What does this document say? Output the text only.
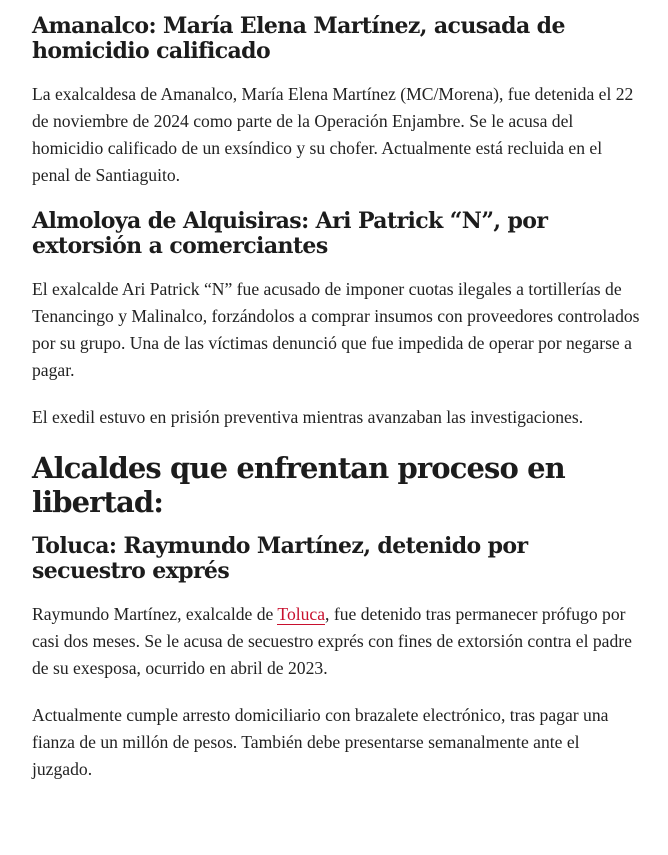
Amanalco: María Elena Martínez, acusada de homicidio calificado

La exalcaldesa de Amanalco, María Elena Martínez (MC/Morena), fue detenida el 22 de noviembre de 2024 como parte de la Operación Enjambre. Se le acusa del homicidio calificado de un exsíndico y su chofer. Actualmente está recluida en el penal de Santiaguito.

Almoloya de Alquisiras: Ari Patrick “N”, por extorsión a comerciantes

El exalcalde Ari Patrick “N” fue acusado de imponer cuotas ilegales a tortillerías de Tenancingo y Malinalco, forzándolos a comprar insumos con proveedores controlados por su grupo. Una de las víctimas denunció que fue impedida de operar por negarse a pagar.

El exedil estuvo en prisión preventiva mientras avanzaban las investigaciones.

Alcaldes que enfrentan proceso en libertad:
Toluca: Raymundo Martínez, detenido por secuestro exprés

Raymundo Martínez, exalcalde de Toluca, fue detenido tras permanecer prófugo por casi dos meses. Se le acusa de secuestro exprés con fines de extorsión contra el padre de su exesposa, ocurrido en abril de 2023.

Actualmente cumple arresto domiciliario con brazalete electrónico, tras pagar una fianza de un millón de pesos. También debe presentarse semanalmente ante el juzgado.
